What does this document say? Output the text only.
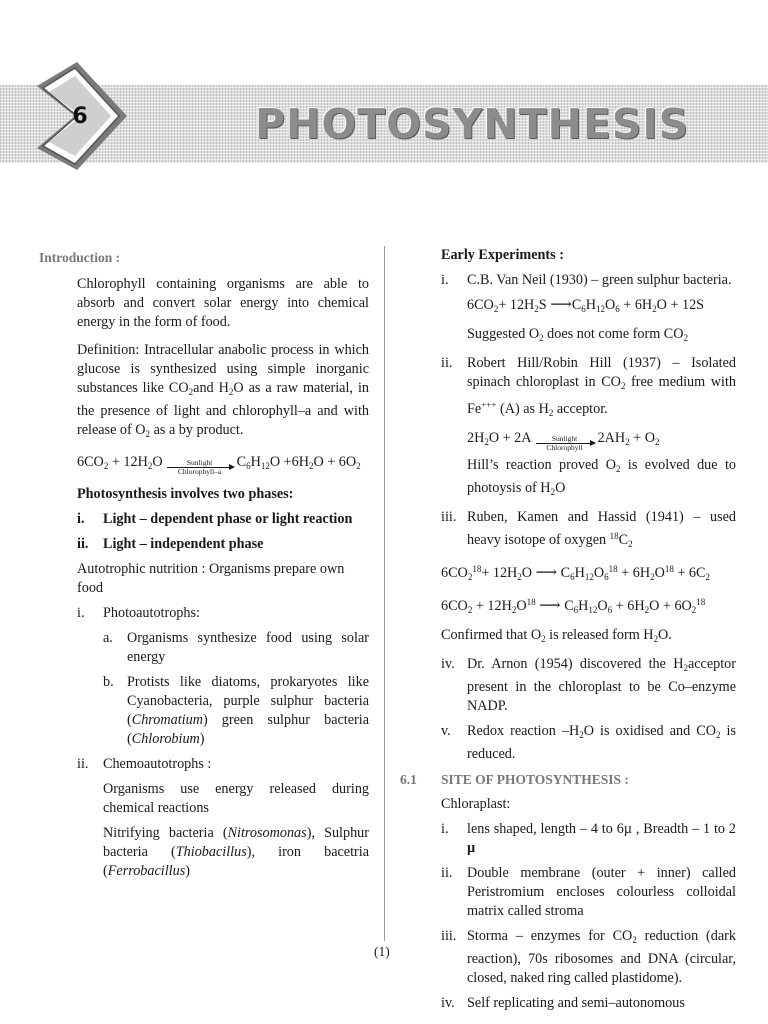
6	PHOTOSYNTHESIS

Introduction :

Chlorophyll containing organisms are able to absorb and convert solar energy into chemical energy in the form of food.

Definition: Intracellular anabolic process in which glucose is synthesized using simple inorganic substances like $CO_2and$ $H_2O$ as a raw material, in the presence of light and chlorophyll–a and with release of $O_2$ as a by product.

$6CO_2 + 12H_2O$	Sunlight
Chlorophyll–a
$C_6H_{12}O +6H_2O + 6O_2$

Photosynthesis involves two phases:

i.	Light – dependent phase or light reaction
ii.	Light – independent phase

Autotrophic nutrition : Organisms prepare own food

i.	Photoautotrophs:
a. Organisms synthesize food using solar energy
b. Protists like diatoms, prokaryotes like Cyanobacteria, purple sulphur bacteria (Chromatium) green sulphur bacteria (Chlorobium)
ii.	Chemoautotrophs :

Organisms use energy released during chemical reactions

Nitrifying bacteria (Nitrosomonas), Sulphur bacteria (Thiobacillus), iron bacetria (Ferrobacillus)

Early Experiments :

i.	C.B. Van Neil (1930) – green sulphur bacteria.
$6CO_2+ 12H_2S$ $⟶C_6H_{12}O_6 + 6H_2O + 12S$

Suggested $O_2$ does not come form $CO_2$

ii.	Robert Hill/Robin Hill (1937) – Isolated spinach chloroplast in $CO_2$ free medium with Fe+++ (A) as $H_2$ acceptor.
$2H_2O + 2A$	Sunlight
Chlorophyll
$2AH_2 + O_2$

Hill’s reaction proved $O_2$ is evolved due to photoysis of $H_2O$

iii. Ruben, Kamen and Hassid (1941) – used heavy isotope of oxygen $^{18}C_2$
$6CO_2^{18}+ 12H_2O$ ⟶ $C_6H_{12}O_6^{18} + 6H_2O^{18} + 6C_2$
$6CO_2 + 12H_2O^{18}$ ⟶ $C_6H_{12}O_6 + 6H_2O + 6O_2^{18}$

Confirmed that $O_2$ is released form $H_2O$.

iv. Dr. Arnon (1954) discovered the $H_2acceptor$ present in the chloroplast to be Co–enzyme NADP.
v.	Redox reaction $-H_2O$ is oxidised and $CO_2$ is reduced.
6.1	SITE OF PHOTOSYNTHESIS :

Chloraplast:

i.	lens shaped, length – 4 to 6µ , Breadth – 1 to 2 µ
ii.	Double membrane (outer + inner) called Peristromium encloses colourless colloidal matrix called stroma
iii. Storma – enzymes for $CO_2$ reduction (dark reaction), 70s ribosomes and DNA (circular, closed, naked ring called plastidome).
iv. Self replicating and semi–autonomous
(1)
